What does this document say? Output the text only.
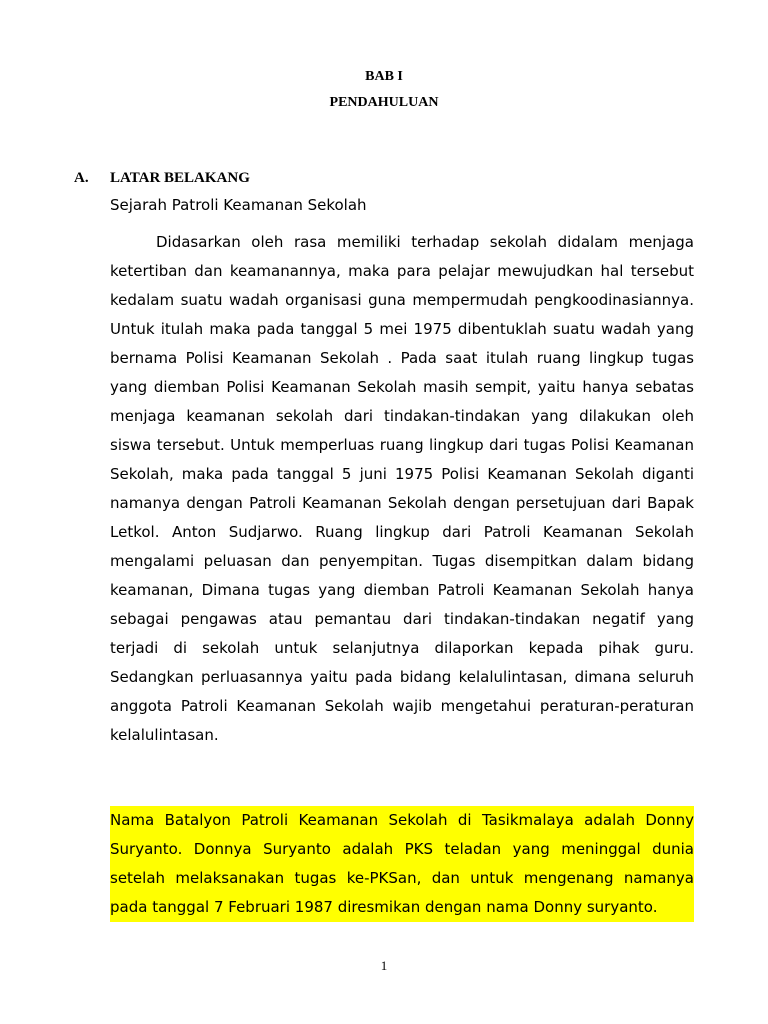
BAB I
PENDAHULUAN
A. LATAR BELAKANG
Sejarah Patroli Keamanan Sekolah

Didasarkan oleh rasa memiliki terhadap sekolah didalam menjaga ketertiban dan keamanannya, maka para pelajar mewujudkan hal tersebut kedalam suatu wadah organisasi guna mempermudah pengkoodinasiannya. Untuk itulah maka pada tanggal 5 mei 1975 dibentuklah suatu wadah yang bernama Polisi Keamanan Sekolah . Pada saat itulah ruang lingkup tugas yang diemban Polisi Keamanan Sekolah masih sempit, yaitu hanya sebatas menjaga keamanan sekolah dari tindakan-tindakan yang dilakukan oleh siswa tersebut. Untuk memperluas ruang lingkup dari tugas Polisi Keamanan Sekolah, maka pada tanggal 5 juni 1975 Polisi Keamanan Sekolah diganti namanya dengan Patroli Keamanan Sekolah dengan persetujuan dari Bapak Letkol. Anton Sudjarwo. Ruang lingkup dari Patroli Keamanan Sekolah mengalami peluasan dan penyempitan. Tugas disempitkan dalam bidang keamanan, Dimana tugas yang diemban Patroli Keamanan Sekolah hanya sebagai pengawas atau pemantau dari tindakan-tindakan negatif yang terjadi di sekolah untuk selanjutnya dilaporkan kepada pihak guru. Sedangkan perluasannya yaitu pada bidang kelalulintasan, dimana seluruh anggota Patroli Keamanan Sekolah wajib mengetahui peraturan-peraturan kelalulintasan.

Nama Batalyon Patroli Keamanan Sekolah di Tasikmalaya adalah Donny Suryanto. Donnya Suryanto adalah PKS teladan yang meninggal dunia setelah melaksanakan tugas ke-PKSan, dan untuk mengenang namanya pada tanggal 7 Februari 1987 diresmikan dengan nama Donny suryanto.

1
